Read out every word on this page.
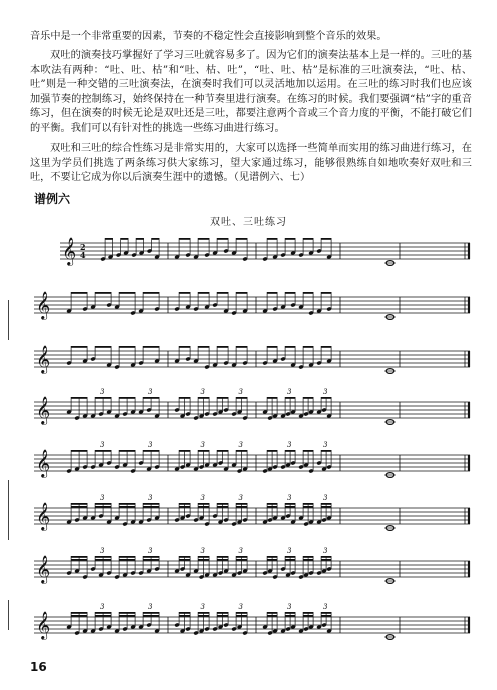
音乐中是一个非常重要的因素，节奏的不稳定性会直接影响到整个音乐的效果。

双吐的演奏技巧掌握好了学习三吐就容易多了。因为它们的演奏法基本上是一样的。三吐的基本吹法有两种：“吐、吐、枯”和“吐、枯、吐”，“吐、吐、枯”是标准的三吐演奏法，“吐、枯、吐”则是一种交错的三吐演奏法，在演奏时我们可以灵活地加以运用。在三吐的练习时我们也应该加强节奏的控制练习，始终保持在一种节奏里进行演奏。在练习的时候。我们要强调“枯”字的重音练习，但在演奏的时候无论是双吐还是三吐，都要注意两个音或三个音力度的平衡，不能打破它们的平衡。我们可以有针对性的挑选一些练习曲进行练习。

双吐和三吐的综合性练习是非常实用的，大家可以选择一些简单而实用的练习曲进行练习，在这里为学员们挑选了两条练习供大家练习，望大家通过练习，能够很熟练自如地吹奏好双吐和三吐，不要让它成为你以后演奏生涯中的遗憾。（见谱例六、七）

谱例六

双吐、三吐练习

𝄞 2
4
𝄞
𝄞
𝄞
3	3	3	3	3	3
𝄞
3	3	3	3	3	3
𝄞
3	3	3	3	3	3
𝄞
3	3	3	3	3	3
𝄞
3	3	3	3	3	3
16
